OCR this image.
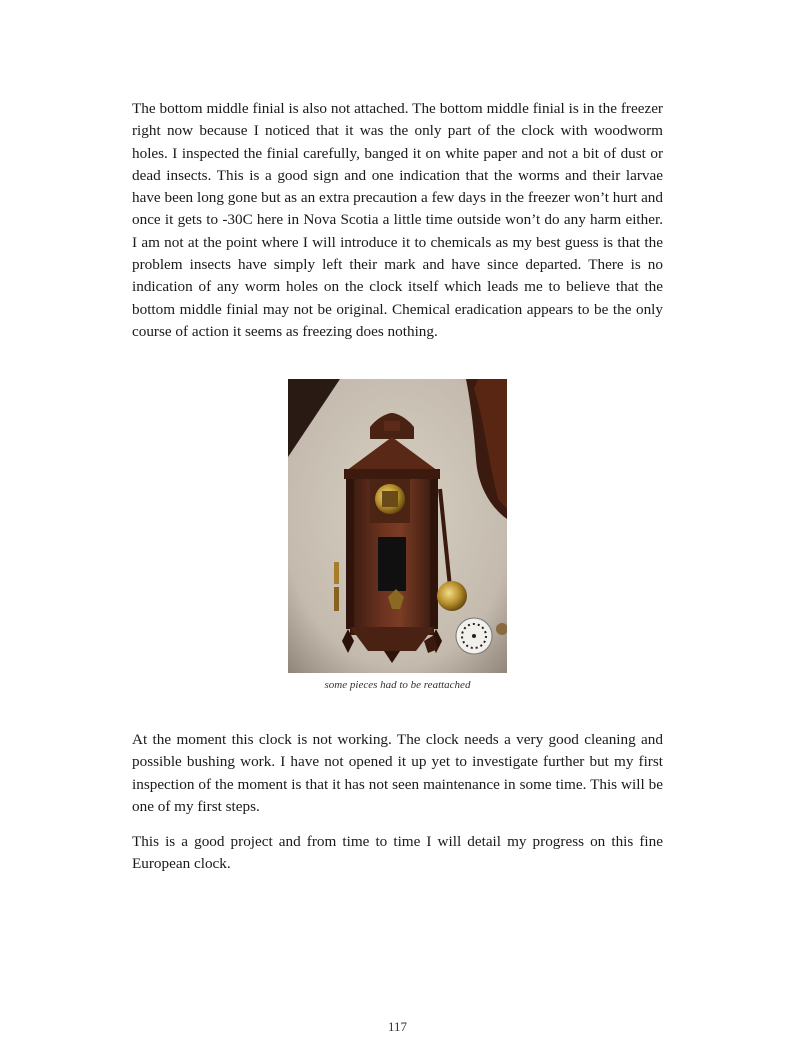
The bottom middle finial is also not attached. The bottom middle finial is in the freezer right now because I noticed that it was the only part of the clock with woodworm holes. I inspected the finial carefully, banged it on white paper and not a bit of dust or dead insects. This is a good sign and one indication that the worms and their larvae have been long gone but as an extra precaution a few days in the freezer won’t hurt and once it gets to -30C here in Nova Scotia a little time outside won’t do any harm either. I am not at the point where I will introduce it to chemicals as my best guess is that the problem insects have simply left their mark and have since departed. There is no indication of any worm holes on the clock itself which leads me to believe that the bottom middle finial may not be original. Chemical eradication appears to be the only course of action it seems as freezing does nothing.

some pieces had to be reattached

At the moment this clock is not working. The clock needs a very good cleaning and possible bushing work. I have not opened it up yet to investigate further but my first inspection of the moment is that it has not seen maintenance in some time. This will be one of my first steps.

This is a good project and from time to time I will detail my progress on this fine European clock.

117
